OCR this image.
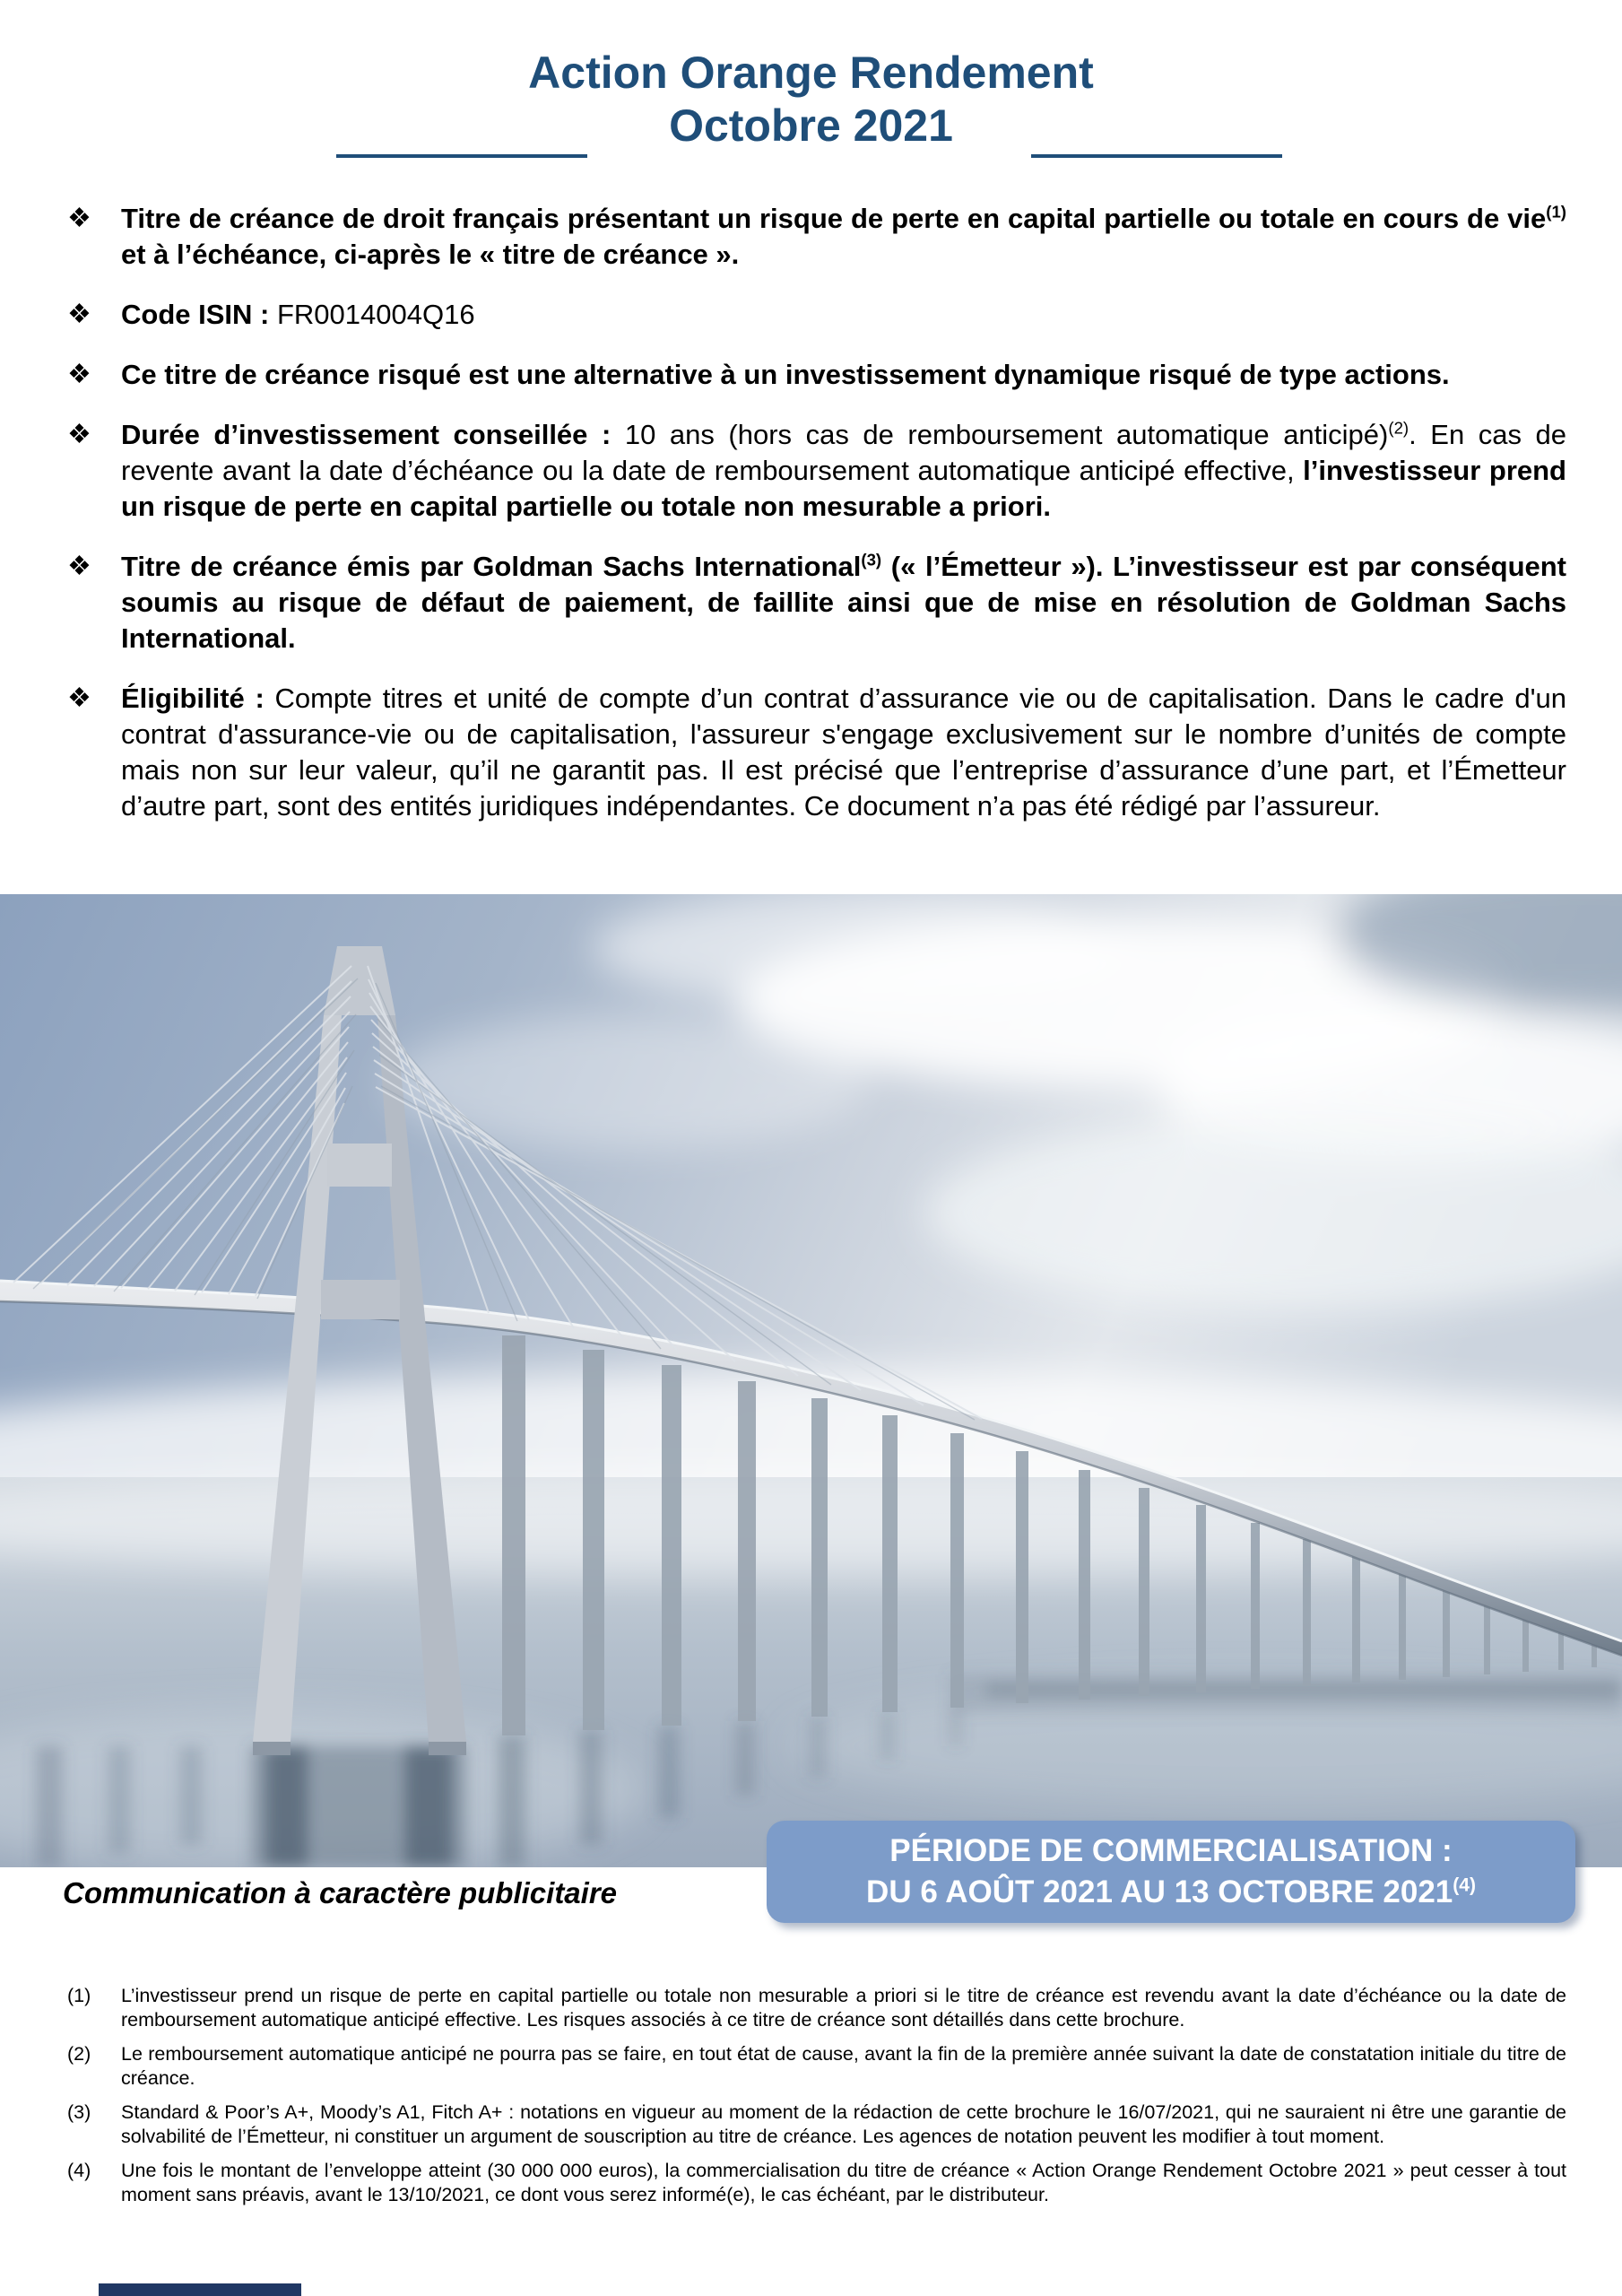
Action Orange Rendement
Octobre 2021
❖	Titre de créance de droit français présentant un risque de perte en capital partielle ou totale en cours de vie$^{(1)}$ et à l’échéance, ci-après le « titre de créance ».

❖	Code ISIN : FR0014004Q16

❖	Ce titre de créance risqué est une alternative à un investissement dynamique risqué de type actions.

❖	Durée d’investissement conseillée : 10 ans (hors cas de remboursement automatique anticipé)$^{(2)}$. En cas de revente avant la date d’échéance ou la date de remboursement automatique anticipé effective, l’investisseur prend un risque de perte en capital partielle ou totale non mesurable a priori.

❖	Titre de créance émis par Goldman Sachs International$^{(3)}$ (« l’Émetteur »). L’investisseur est par conséquent soumis au risque de défaut de paiement, de faillite ainsi que de mise en résolution de Goldman Sachs International.

❖	Éligibilité : Compte titres et unité de compte d’un contrat d’assurance vie ou de capitalisation. Dans le cadre d'un contrat d'assurance-vie ou de capitalisation, l'assureur s'engage exclusivement sur le nombre d’unités de compte mais non sur leur valeur, qu’il ne garantit pas. Il est précisé que l’entreprise d’assurance d’une part, et l’Émetteur d’autre part, sont des entités juridiques indépendantes. Ce document n’a pas été rédigé par l’assureur.

Communication à caractère publicitaire
PÉRIODE DE COMMERCIALISATION :
DU 6 AOÛT 2021 AU 13 OCTOBRE 2021$^{(4)}$
(1)	L’investisseur prend un risque de perte en capital partielle ou totale non mesurable a priori si le titre de créance est revendu avant la date d’échéance ou la date de remboursement automatique anticipé effective. Les risques associés à ce titre de créance sont détaillés dans cette brochure.

(2)	Le remboursement automatique anticipé ne pourra pas se faire, en tout état de cause, avant la fin de la première année suivant la date de constatation initiale du titre de créance.

(3)	Standard & Poor’s A+, Moody’s A1, Fitch A+ : notations en vigueur au moment de la rédaction de cette brochure le 16/07/2021, qui ne sauraient ni être une garantie de solvabilité de l’Émetteur, ni constituer un argument de souscription au titre de créance. Les agences de notation peuvent les modifier à tout moment.

(4)	Une fois le montant de l’enveloppe atteint (30 000 000 euros), la commercialisation du titre de créance « Action Orange Rendement Octobre 2021 » peut cesser à tout moment sans préavis, avant le 13/10/2021, ce dont vous serez informé(e), le cas échéant, par le distributeur.
